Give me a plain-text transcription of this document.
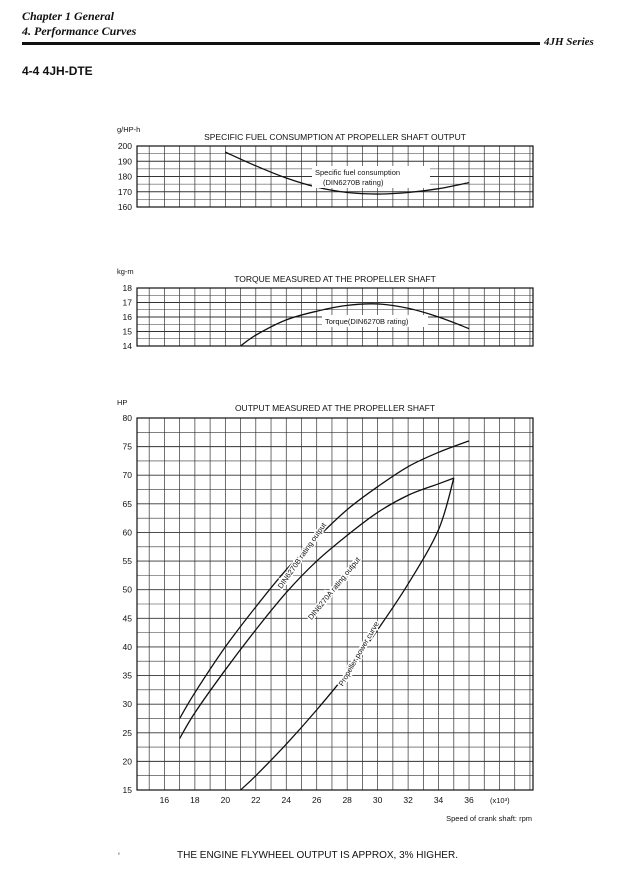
Chapter 1 General
4. Performance Curves
4JH Series
4-4 4JH-DTE
SPECIFIC FUEL CONSUMPTION AT PROPELLER SHAFT OUTPUT
g/HP-h
160
170
180
190
200
Specific fuel consumption
(DIN6270B rating)
TORQUE MEASURED AT THE PROPELLER SHAFT
kg-m
14
15
16
17
18
Torque(DIN6270B rating)
OUTPUT MEASURED AT THE PROPELLER SHAFT
HP
15
20
25
30
35
40
45
50
55
60
65
70
75
80
16 18 20 22 24 26 28 30 32 34 36 (x10³)
Speed of crank shaft: rpm
DIN6270B rating output
DIN6270A rating output
Propeller power curve
ʻ	THE ENGINE FLYWHEEL OUTPUT IS APPROX, 3% HIGHER.
